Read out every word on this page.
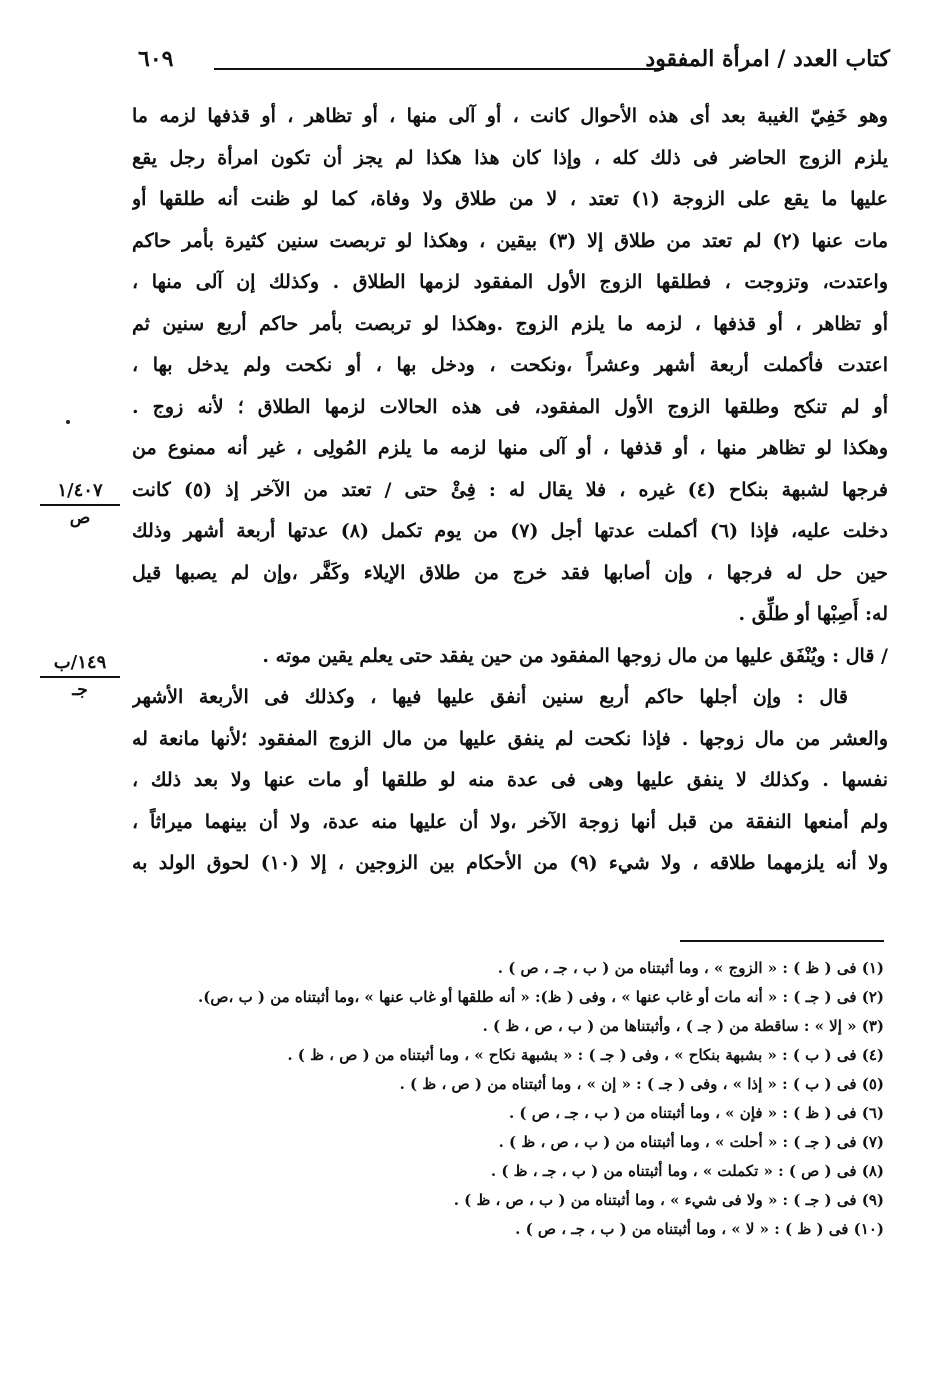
كتاب العدد / امرأة المفقود
٦٠٩
وهو خَفِيّ الغيبة بعد أى هذه الأحوال كانت ، أو آلى منها ، أو تظاهر ، أو قذفها لزمه ما
يلزم الزوج الحاضر فى ذلك كله ، وإذا كان هذا هكذا لم يجز أن تكون امرأة رجل يقع
عليها ما يقع على الزوجة (١) تعتد ، لا من طلاق ولا وفاة، كما لو ظنت أنه طلقها أو
مات عنها (٢) لم تعتد من طلاق إلا (٣) بيقين ، وهكذا لو تربصت سنين كثيرة بأمر حاكم
واعتدت، وتزوجت ، فطلقها الزوج الأول المفقود لزمها الطلاق . وكذلك إن آلى منها ،
أو تظاهر ، أو قذفها ، لزمه ما يلزم الزوج .وهكذا لو تربصت بأمر حاكم أربع سنين ثم
اعتدت فأكملت أربعة أشهر وعشراً ،ونكحت ، ودخل بها ، أو نكحت ولم يدخل بها ،
أو لم تنكح وطلقها الزوج الأول المفقود، فى هذه الحالات لزمها الطلاق ؛ لأنه زوج .
وهكذا لو تظاهر منها ، أو قذفها ، أو آلى منها لزمه ما يلزم المُولِى ، غير أنه ممنوع من
فرجها لشبهة بنكاح (٤) غيره ، فلا يقال له : فِئْ حتى / تعتد من الآخر إذ (٥) كانت
دخلت عليه، فإذا (٦) أكملت عدتها أجل (٧) من يوم تكمل (٨) عدتها أربعة أشهر وذلك
حين حل له فرجها ، وإن أصابها فقد خرج من طلاق الإيلاء وكَفَّر ،وإن لم يصبها قيل
له: أَصِبْها أو طلِّق .
/ قال : ويُنْفَق عليها من مال زوجها المفقود من حين يفقد حتى يعلم يقين موته .
قال : وإن أجلها حاكم أربع سنين أنفق عليها فيها ، وكذلك فى الأربعة الأشهر
والعشر من مال زوجها . فإذا نكحت لم ينفق عليها من مال الزوج المفقود ؛لأنها مانعة له
نفسها . وكذلك لا ينفق عليها وهى فى عدة منه لو طلقها أو مات عنها ولا بعد ذلك ،
ولم أمنعها النفقة من قبل أنها زوجة الآخر ،ولا أن عليها منه عدة، ولا أن بينهما ميراثاً ،
ولا أنه يلزمهما طلاقه ، ولا شيء (٩) من الأحكام بين الزوجين ، إلا (١٠) لحوق الولد به
١/٤٠٧
ص
١٤٩/ب
جـ
(١) فى ( ظ ) : « الزوج » ، وما أثبتناه من ( ب ، جـ ، ص ) .
(٢) فى ( جـ ) : « أنه مات أو غاب عنها » ، وفى ( ظ): « أنه طلقها أو غاب عنها » ،وما أثبتناه من ( ب ،ص).
(٣) « إلا » : ساقطة من ( جـ ) ، وأثبتناها من ( ب ، ص ، ظ ) .
(٤) فى ( ب ) : « بشبهة بنكاح » ، وفى ( جـ ) : « بشبهة نكاح » ، وما أثبتناه من ( ص ، ظ ) .
(٥) فى ( ب ) : « إذا » ، وفى ( جـ ) : « إن » ، وما أثبتناه من ( ص ، ظ ) .
(٦) فى ( ظ ) : « فإن » ، وما أثبتناه من ( ب ، جـ ، ص ) .
(٧) فى ( جـ ) : « أحلت » ، وما أثبتناه من ( ب ، ص ، ظ ) .
(٨) فى ( ص ) : « تكملت » ، وما أثبتناه من ( ب ، جـ ، ظ ) .
(٩) فى ( جـ ) : « ولا فى شيء » ، وما أثبتناه من ( ب ، ص ، ظ ) .
(١٠) فى ( ظ ) : « لا » ، وما أثبتناه من ( ب ، جـ ، ص ) .
